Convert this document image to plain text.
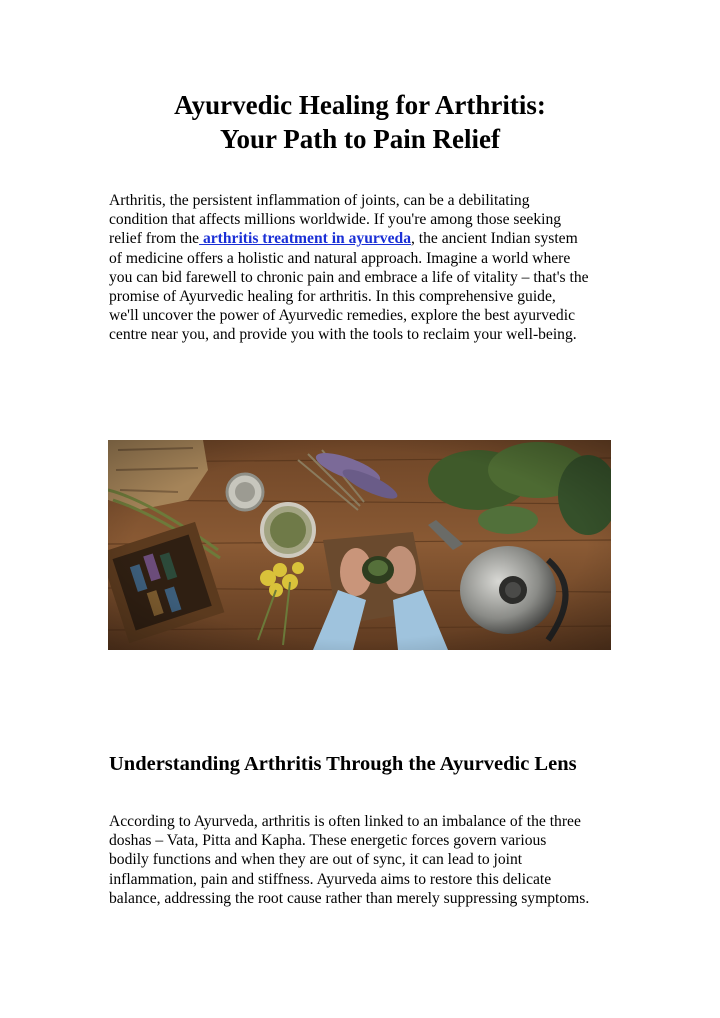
Ayurvedic Healing for Arthritis:
Your Path to Pain Relief

Arthritis, the persistent inflammation of joints, can be a debilitating
condition that affects millions worldwide. If you're among those seeking
relief from the arthritis treatment in ayurveda, the ancient Indian system
of medicine offers a holistic and natural approach. Imagine a world where
you can bid farewell to chronic pain and embrace a life of vitality – that's the
promise of Ayurvedic healing for arthritis. In this comprehensive guide,
we'll uncover the power of Ayurvedic remedies, explore the best ayurvedic
centre near you, and provide you with the tools to reclaim your well-being.

Understanding Arthritis Through the Ayurvedic Lens

According to Ayurveda, arthritis is often linked to an imbalance of the three
doshas – Vata, Pitta and Kapha. These energetic forces govern various
bodily functions and when they are out of sync, it can lead to joint
inflammation, pain and stiffness. Ayurveda aims to restore this delicate
balance, addressing the root cause rather than merely suppressing symptoms.
